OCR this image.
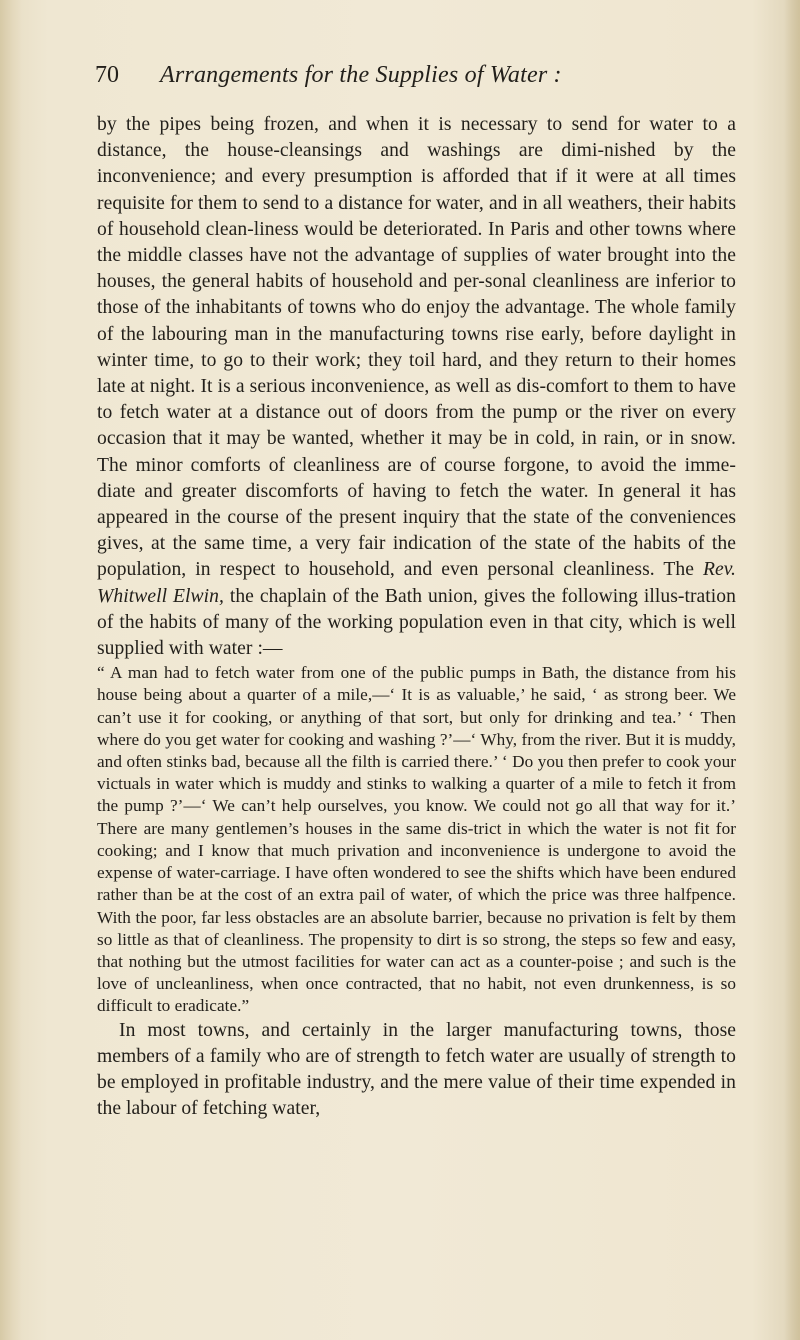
70 Arrangements for the Supplies of Water :

by the pipes being frozen, and when it is necessary to send for water to a distance, the house-cleansings and washings are dimi-nished by the inconvenience; and every presumption is afforded that if it were at all times requisite for them to send to a distance for water, and in all weathers, their habits of household clean-liness would be deteriorated. In Paris and other towns where the middle classes have not the advantage of supplies of water brought into the houses, the general habits of household and per-sonal cleanliness are inferior to those of the inhabitants of towns who do enjoy the advantage. The whole family of the labouring man in the manufacturing towns rise early, before daylight in winter time, to go to their work; they toil hard, and they return to their homes late at night. It is a serious inconvenience, as well as dis-comfort to them to have to fetch water at a distance out of doors from the pump or the river on every occasion that it may be wanted, whether it may be in cold, in rain, or in snow. The minor comforts of cleanliness are of course forgone, to avoid the imme-diate and greater discomforts of having to fetch the water. In general it has appeared in the course of the present inquiry that the state of the conveniences gives, at the same time, a very fair indication of the state of the habits of the population, in respect to household, and even personal cleanliness. The Rev. Whitwell Elwin, the chaplain of the Bath union, gives the following illus-tration of the habits of many of the working population even in that city, which is well supplied with water :—

“ A man had to fetch water from one of the public pumps in Bath, the distance from his house being about a quarter of a mile,—‘ It is as valuable,’ he said, ‘ as strong beer. We can’t use it for cooking, or anything of that sort, but only for drinking and tea.’ ‘ Then where do you get water for cooking and washing ?’—‘ Why, from the river. But it is muddy, and often stinks bad, because all the filth is carried there.’ ‘ Do you then prefer to cook your victuals in water which is muddy and stinks to walking a quarter of a mile to fetch it from the pump ?’—‘ We can’t help ourselves, you know. We could not go all that way for it.’ There are many gentlemen’s houses in the same dis-trict in which the water is not fit for cooking; and I know that much privation and inconvenience is undergone to avoid the expense of water-carriage. I have often wondered to see the shifts which have been endured rather than be at the cost of an extra pail of water, of which the price was three halfpence. With the poor, far less obstacles are an absolute barrier, because no privation is felt by them so little as that of cleanliness. The propensity to dirt is so strong, the steps so few and easy, that nothing but the utmost facilities for water can act as a counter-poise ; and such is the love of uncleanliness, when once contracted, that no habit, not even drunkenness, is so difficult to eradicate.”

In most towns, and certainly in the larger manufacturing towns, those members of a family who are of strength to fetch water are usually of strength to be employed in profitable industry, and the mere value of their time expended in the labour of fetching water,
